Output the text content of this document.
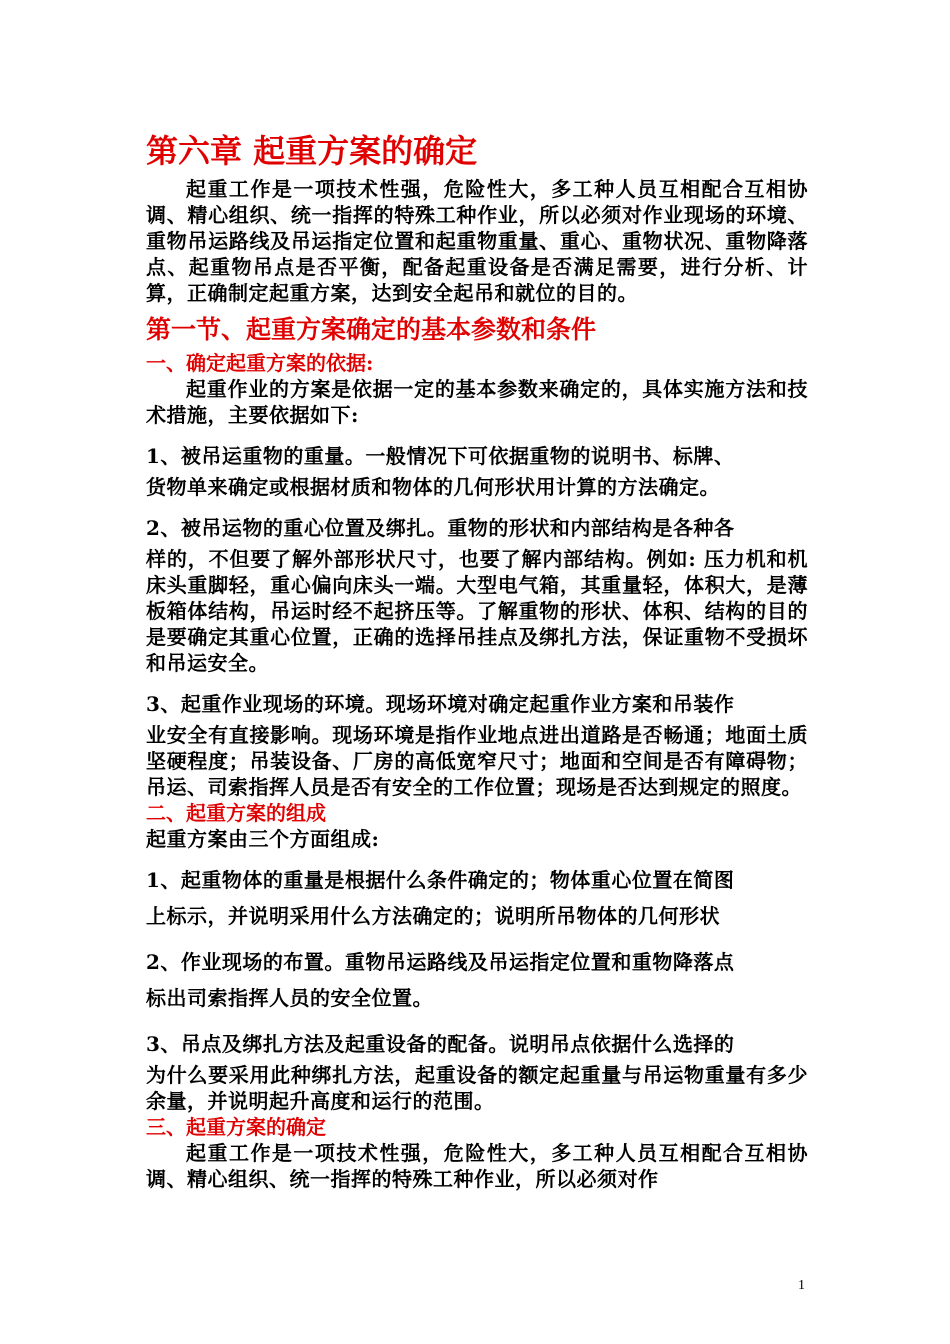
第六章 起重方案的确定

起重工作是一项技术性强，危险性大，多工种人员互相配合互相协调、精心组织、统一指挥的特殊工种作业，所以必须对作业现场的环境、重物吊运路线及吊运指定位置和起重物重量、重心、重物状况、重物降落点、起重物吊点是否平衡，配备起重设备是否满足需要，进行分析、计算，正确制定起重方案，达到安全起吊和就位的目的。

第一节、起重方案确定的基本参数和条件
一、确定起重方案的依据:

起重作业的方案是依据一定的基本参数来确定的，具体实施方法和技术措施，主要依据如下:

1、被吊运重物的重量。一般情况下可依据重物的说明书、标牌、

货物单来确定或根据材质和物体的几何形状用计算的方法确定。

2、被吊运物的重心位置及绑扎。重物的形状和内部结构是各种各

样的，不但要了解外部形状尺寸，也要了解内部结构。例如: 压力机和机床头重脚轻，重心偏向床头一端。大型电气箱，其重量轻，体积大，是薄板箱体结构，吊运时经不起挤压等。了解重物的形状、体积、结构的目的是要确定其重心位置，正确的选择吊挂点及绑扎方法，保证重物不受损坏和吊运安全。

3、起重作业现场的环境。现场环境对确定起重作业方案和吊装作

业安全有直接影响。现场环境是指作业地点进出道路是否畅通；地面土质坚硬程度；吊装设备、厂房的高低宽窄尺寸；地面和空间是否有障碍物；吊运、司索指挥人员是否有安全的工作位置；现场是否达到规定的照度。

二、起重方案的组成

起重方案由三个方面组成:

1、起重物体的重量是根据什么条件确定的；物体重心位置在简图

上标示，并说明采用什么方法确定的；说明所吊物体的几何形状

2、作业现场的布置。重物吊运路线及吊运指定位置和重物降落点

标出司索指挥人员的安全位置。

3、吊点及绑扎方法及起重设备的配备。说明吊点依据什么选择的

为什么要采用此种绑扎方法，起重设备的额定起重量与吊运物重量有多少余量，并说明起升高度和运行的范围。

三、起重方案的确定

起重工作是一项技术性强，危险性大，多工种人员互相配合互相协调、精心组织、统一指挥的特殊工种作业，所以必须对作

1
